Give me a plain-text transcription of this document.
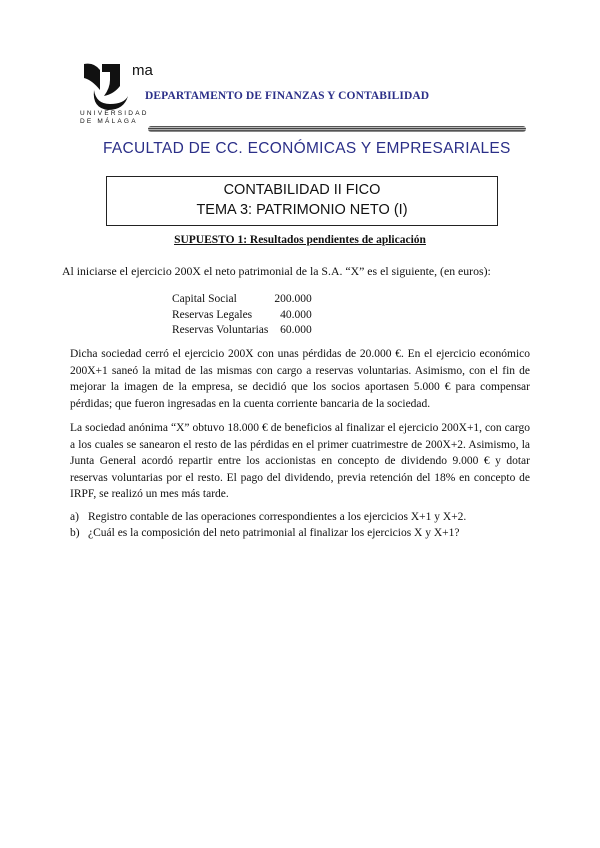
ma
UNIVERSIDAD
DE MÁLAGA
DEPARTAMENTO DE FINANZAS Y CONTABILIDAD
FACULTAD DE CC. ECONÓMICAS Y EMPRESARIALES
CONTABILIDAD II FICO
TEMA 3: PATRIMONIO NETO (I)
SUPUESTO 1: Resultados pendientes de aplicación
Al iniciarse el ejercicio 200X el neto patrimonial de la S.A. “X” es el siguiente, (en euros):
Capital Social	200.000
Reservas Legales	40.000
Reservas Voluntarias	60.000
Dicha sociedad cerró el ejercicio 200X con unas pérdidas de 20.000 €. En el ejercicio económico 200X+1 saneó la mitad de las mismas con cargo a reservas voluntarias. Asimismo, con el fin de mejorar la imagen de la empresa, se decidió que los socios aportasen 5.000 € para compensar pérdidas; que fueron ingresadas en la cuenta corriente bancaria de la sociedad.
La sociedad anónima “X” obtuvo 18.000 € de beneficios al finalizar el ejercicio 200X+1, con cargo a los cuales se sanearon el resto de las pérdidas en el primer cuatrimestre de 200X+2. Asimismo, la Junta General acordó repartir entre los accionistas en concepto de dividendo 9.000 € y dotar reservas voluntarias por el resto. El pago del dividendo, previa retención del 18% en concepto de IRPF, se realizó un mes más tarde.
a) Registro contable de las operaciones correspondientes a los ejercicios X+1 y X+2.
b) ¿Cuál es la composición del neto patrimonial al finalizar los ejercicios X y X+1?
